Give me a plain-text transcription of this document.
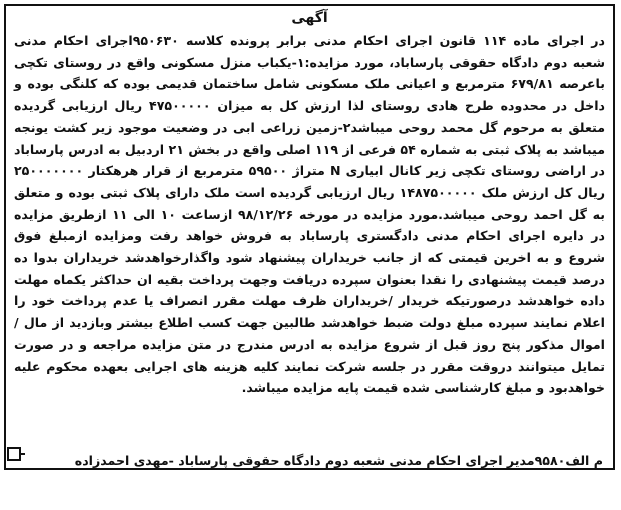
آگهی
در اجرای ماده ۱۱۴ قانون اجرای احکام مدنی برابر پرونده کلاسه ۹۵۰۶۳۰اجرای احکام مدنی شعبه دوم دادگاه حقوقی پارساباد، مورد مزایده:۱-یکباب منزل مسکونی واقع در روستای تکچی باعرصه ۶۷۹/۸۱ مترمربع و اعیانی ملک مسکونی شامل ساختمان قدیمی بوده که کلنگی بوده و داخل در محدوده طرح هادی روستای لذا ارزش کل به میزان ۴۷۵۰۰۰۰۰ ریال ارزیابی گردیده متعلق به مرحوم گل محمد روحی میباشد۲-زمین زراعی ابی در وضعیت موجود زیر کشت یونجه میباشد به پلاک ثبتی به شماره ۵۴ فرعی از ۱۱۹ اصلی واقع در بخش ۲۱ اردبیل به ادرس پارساباد در اراضی روستای تکچی زیر کانال ابیاری N متراژ ۵۹۵۰۰ مترمربع از قرار هرهکتار ۲۵۰۰۰۰۰۰۰ ریال کل ارزش ملک ۱۴۸۷۵۰۰۰۰۰ ریال ارزیابی گردیده است ملک دارای پلاک ثبتی بوده و متعلق به گل احمد روحی میباشد.مورد مزایده در مورخه ۹۸/۱۲/۲۶ ازساعت ۱۰ الی ۱۱ ازطریق مزایده در دایره اجرای احکام مدنی دادگستری پارساباد به فروش خواهد رفت ومزایده ازمبلغ فوق شروع و به اخرین قیمتی که از جانب خریداران پیشنهاد شود واگذارخواهدشد خریداران بدوا ده درصد قیمت پیشنهادی را نقدا بعنوان سپرده دریافت وجهت پرداخت بقیه ان حداکثر یکماه مهلت داده خواهدشد درصورتیکه خریدار /خریداران ظرف مهلت مقرر انصراف یا عدم پرداخت خود را اعلام نمایند سپرده مبلغ دولت ضبط خواهدشد طالبین جهت کسب اطلاع بیشتر وبازدید از مال /اموال مذکور پنج روز قبل از شروع مزایده به ادرس مندرج در متن مزایده مراجعه و در صورت تمایل میتوانند دروقت مقرر در جلسه شرکت نمایند کلیه هزینه های اجرایی بعهده محکوم علیه خواهدبود و مبلغ کارشناسی شده قیمت پایه مزایده میباشد.
م الف۹۵۸۰مدیر اجرای احکام مدنی شعبه دوم دادگاه حقوقی پارساباد -مهدی احمدزاده
